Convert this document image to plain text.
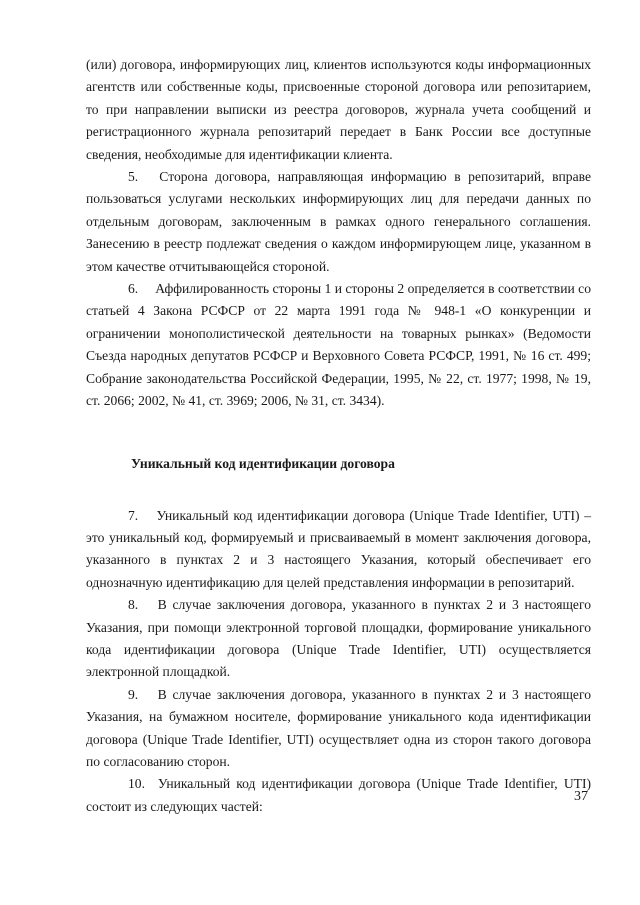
(или) договора, информирующих лиц, клиентов используются коды информационных агентств или собственные коды, присвоенные стороной договора или репозитарием, то при направлении выписки из реестра договоров, журнала учета сообщений и регистрационного журнала репозитарий передает в Банк России все доступные сведения, необходимые для идентификации клиента.

5.  Сторона договора, направляющая информацию в репозитарий, вправе пользоваться услугами нескольких информирующих лиц для передачи данных по отдельным договорам, заключенным в рамках одного генерального соглашения. Занесению в реестр подлежат сведения о каждом информирующем лице, указанном в этом качестве отчитывающейся стороной.

6.  Аффилированность стороны 1 и стороны 2 определяется в соответствии со статьей 4 Закона РСФСР от 22 марта 1991 года № 948-1 «О конкуренции и ограничении монополистической деятельности на товарных рынках» (Ведомости Съезда народных депутатов РСФСР и Верховного Совета РСФСР, 1991, № 16 ст. 499; Собрание законодательства Российской Федерации, 1995, № 22, ст. 1977; 1998, № 19, ст. 2066; 2002, № 41, ст. 3969; 2006, № 31, ст. 3434).

Уникальный код идентификации договора

7.  Уникальный код идентификации договора (Unique Trade Identifier, UTI) – это уникальный код, формируемый и присваиваемый в момент заключения договора, указанного в пунктах 2 и 3 настоящего Указания, который обеспечивает его однозначную идентификацию для целей представления информации в репозитарий.

8.  В случае заключения договора, указанного в пунктах 2 и 3 настоящего Указания, при помощи электронной торговой площадки, формирование уникального кода идентификации договора (Unique Trade Identifier, UTI) осуществляется электронной площадкой.

9.  В случае заключения договора, указанного в пунктах 2 и 3 настоящего Указания, на бумажном носителе, формирование уникального кода идентификации договора (Unique Trade Identifier, UTI) осуществляет одна из сторон такого договора по согласованию сторон.

10.  Уникальный код идентификации договора (Unique Trade Identifier, UTI) состоит из следующих частей:

37
